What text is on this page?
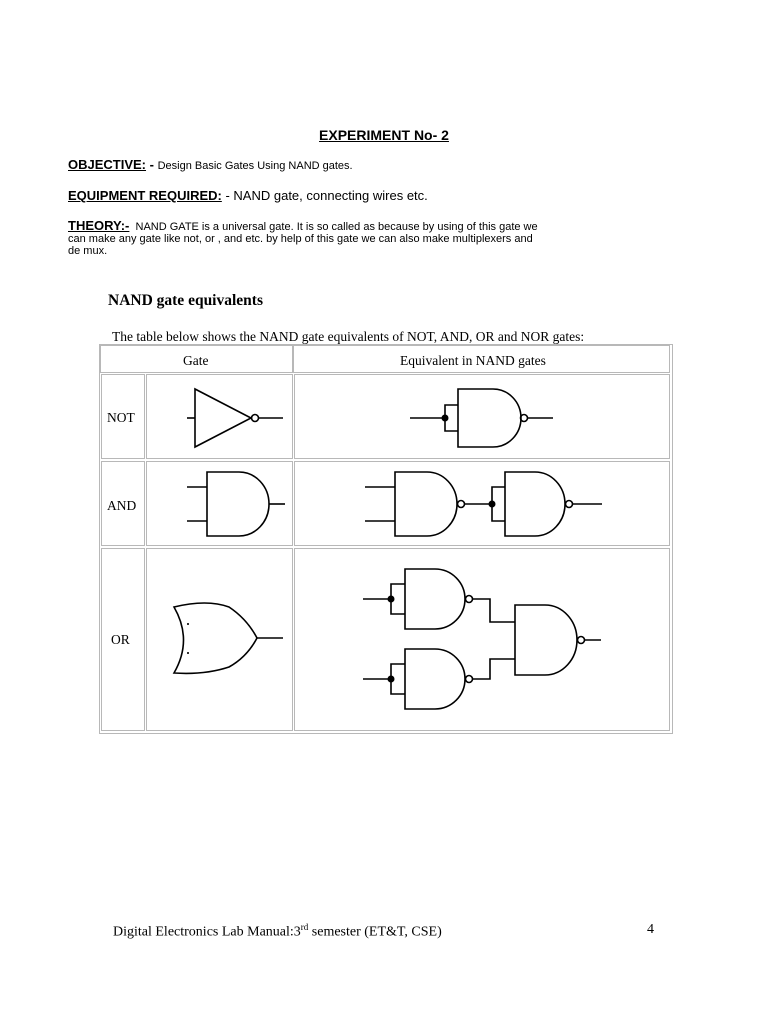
EXPERIMENT No- 2
OBJECTIVE: - Design Basic Gates Using NAND gates.
EQUIPMENT REQUIRED: - NAND gate, connecting wires etc.
THEORY:- NAND GATE is a universal gate. It is so called as because by using of this gate we
can make any gate like not, or , and etc. by help of this gate we can also make multiplexers and
de mux.
NAND gate equivalents
The table below shows the NAND gate equivalents of NOT, AND, OR and NOR gates:
Gate	Equivalent in NAND gates
NOT
AND
OR
Digital Electronics Lab Manual:3rd semester (ET&T, CSE)	4
